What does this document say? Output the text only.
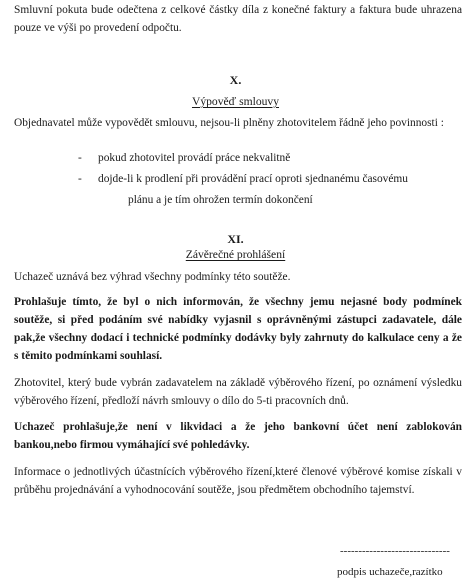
Smluvní pokuta bude odečtena z celkové částky díla z konečné faktury a faktura bude uhrazena pouze ve výši po provedení odpočtu.

X.
Výpověď smlouvy

Objednavatel může vypovědět smlouvu, nejsou-li plněny zhotovitelem řádně jeho povinnosti :

- pokud zhotovitel provádí práce nekvalitně
- dojde-li k prodlení při provádění prací oproti sjednanému časovému
plánu a je tím ohrožen termín dokončení
XI.
Závěrečné prohlášení

Uchazeč uznává bez výhrad všechny podmínky této soutěže.

Prohlašuje tímto, že byl o nich informován, že všechny jemu nejasné body podmínek soutěže, si před podáním své nabídky vyjasnil s oprávněnými zástupci zadavatele, dále pak,že všechny dodací i technické podmínky dodávky byly zahrnuty do kalkulace ceny a že s těmito podmínkami souhlasí.

Zhotovitel, který bude vybrán zadavatelem na základě výběrového řízení, po oznámení výsledku výběrového řízení, předloží návrh smlouvy o dílo do 5-ti pracovních dnů.

Uchazeč prohlašuje,že není v likvidaci a že jeho bankovní účet není zablokován bankou,nebo firmou vymáhající své pohledávky.

Informace o jednotlivých účastnících výběrového řízení,které členové výběrové komise získali v průběhu projednávání a vyhodnocování soutěže, jsou předmětem obchodního tajemství.

------------------------------
podpis uchazeče,razítko
